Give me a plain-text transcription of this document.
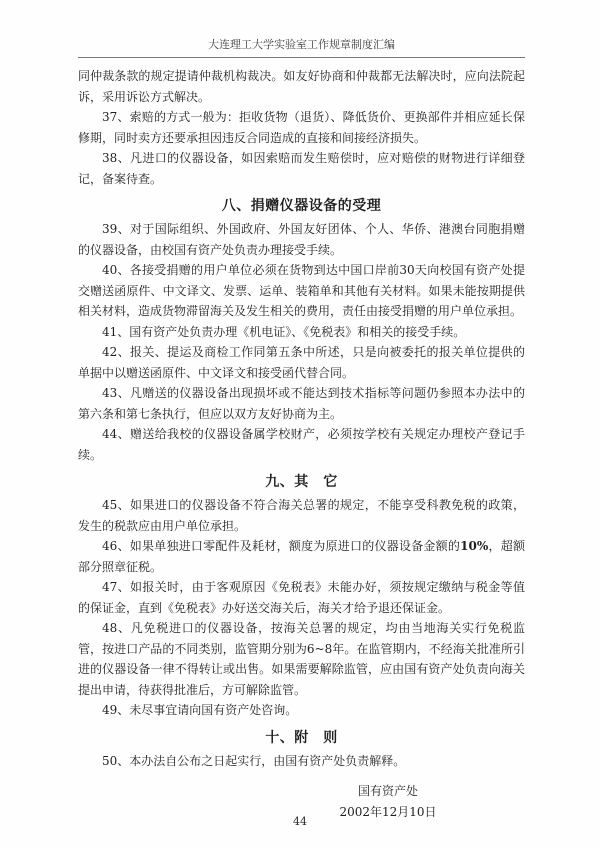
大连理工大学实验室工作规章制度汇编

同仲裁条款的规定提请仲裁机构裁决。如友好协商和仲裁都无法解决时，应向法院起诉，采用诉讼方式解决。

37、索赔的方式一般为：拒收货物（退货）、降低货价、更换部件并相应延长保修期，同时卖方还要承担因违反合同造成的直接和间接经济损失。

38、凡进口的仪器设备，如因索赔而发生赔偿时，应对赔偿的财物进行详细登记，备案待查。

八、捐赠仪器设备的受理

39、对于国际组织、外国政府、外国友好团体、个人、华侨、港澳台同胞捐赠的仪器设备，由校国有资产处负责办理接受手续。

40、各接受捐赠的用户单位必须在货物到达中国口岸前30天向校国有资产处提交赠送函原件、中文译文、发票、运单、装箱单和其他有关材料。如果未能按期提供相关材料，造成货物滞留海关及发生相关的费用，责任由接受捐赠的用户单位承担。

41、国有资产处负责办理《机电证》、《免税表》和相关的接受手续。

42、报关、提运及商检工作同第五条中所述，只是向被委托的报关单位提供的单据中以赠送函原件、中文译文和接受函代替合同。

43、凡赠送的仪器设备出现损坏或不能达到技术指标等问题仍参照本办法中的第六条和第七条执行，但应以双方友好协商为主。

44、赠送给我校的仪器设备属学校财产，必须按学校有关规定办理校产登记手续。

九、其　它

45、如果进口的仪器设备不符合海关总署的规定，不能享受科教免税的政策，发生的税款应由用户单位承担。

46、如果单独进口零配件及耗材，额度为原进口的仪器设备金额的10%，超额部分照章征税。

47、如报关时，由于客观原因《免税表》未能办好，须按规定缴纳与税金等值的保证金，直到《免税表》办好送交海关后，海关才给予退还保证金。

48、凡免税进口的仪器设备，按海关总署的规定，均由当地海关实行免税监管，按进口产品的不同类别，监管期分别为6~8年。在监管期内，不经海关批准所引进的仪器设备一律不得转让或出售。如果需要解除监管，应由国有资产处负责向海关提出申请，待获得批准后，方可解除监管。

49、未尽事宜请向国有资产处咨询。

十、附　则

50、本办法自公布之日起实行，由国有资产处负责解释。

国有资产处
2002年12月10日
44
